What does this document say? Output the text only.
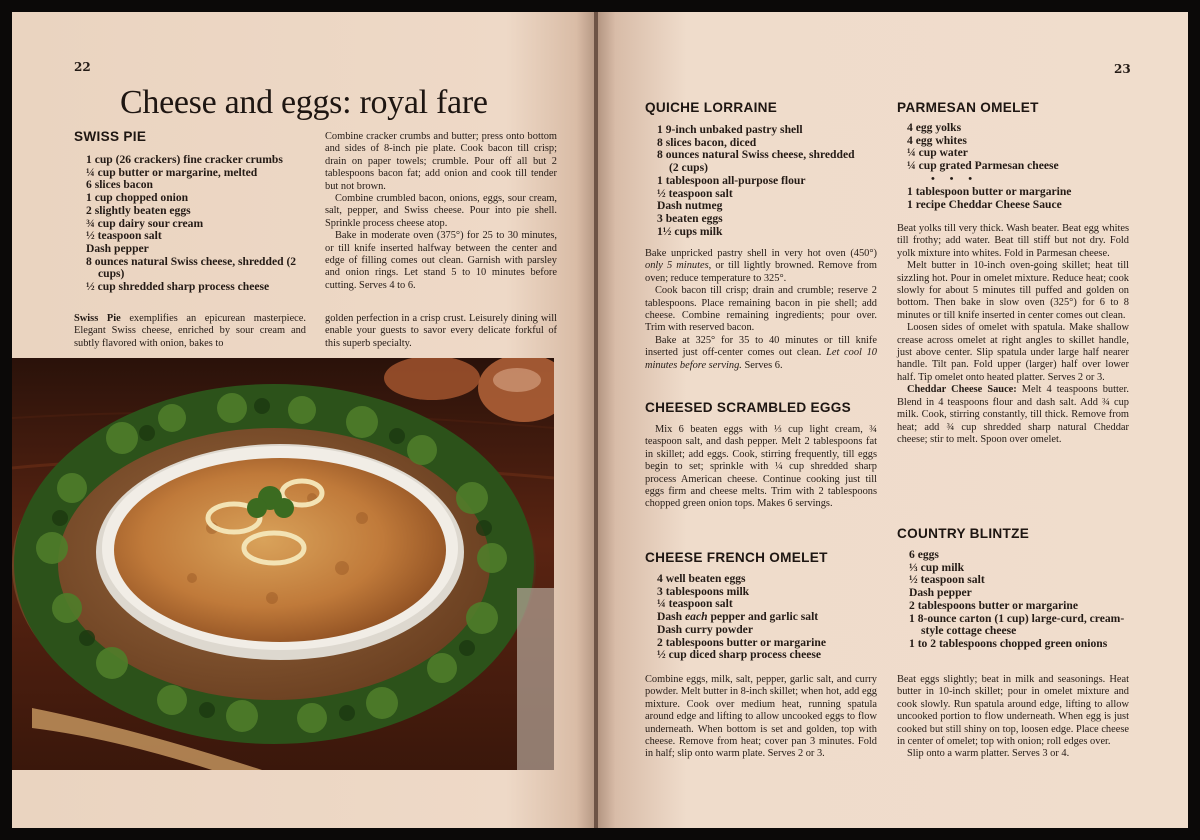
22
Cheese and eggs: royal fare
SWISS PIE
1 cup (26 crackers) fine cracker crumbs
¼ cup butter or margarine, melted
6 slices bacon
1 cup chopped onion
2 slightly beaten eggs
¾ cup dairy sour cream
½ teaspoon salt
Dash pepper
8 ounces natural Swiss cheese, shredded (2 cups)
½ cup shredded sharp process cheese

Combine cracker crumbs and butter; press onto bottom and sides of 8-inch pie plate. Cook bacon till crisp; drain on paper towels; crumble. Pour off all but 2 tablespoons bacon fat; add onion and cook till tender but not brown.

Combine crumbled bacon, onions, eggs, sour cream, salt, pepper, and Swiss cheese. Pour into pie shell. Sprinkle process cheese atop.

Bake in moderate oven (375°) for 25 to 30 minutes, or till knife inserted halfway between the center and edge of filling comes out clean. Garnish with parsley and onion rings. Let stand 5 to 10 minutes before cutting. Serves 4 to 6.

Swiss Pie exemplifies an epicurean masterpiece. Elegant Swiss cheese, enriched by sour cream and subtly flavored with onion, bakes to

golden perfection in a crisp crust. Leisurely dining will enable your guests to savor every delicate forkful of this superb specialty.

23
QUICHE LORRAINE
1 9-inch unbaked pastry shell
8 slices bacon, diced
8 ounces natural Swiss cheese, shredded (2 cups)
1 tablespoon all-purpose flour
½ teaspoon salt
Dash nutmeg
3 beaten eggs
1½ cups milk

Bake unpricked pastry shell in very hot oven (450°) only 5 minutes, or till lightly browned. Remove from oven; reduce temperature to 325°.

Cook bacon till crisp; drain and crumble; reserve 2 tablespoons. Place remaining bacon in pie shell; add cheese. Combine remaining ingredients; pour over. Trim with reserved bacon.

Bake at 325° for 35 to 40 minutes or till knife inserted just off-center comes out clean. Let cool 10 minutes before serving. Serves 6.

CHEESED SCRAMBLED EGGS

Mix 6 beaten eggs with ⅓ cup light cream, ¾ teaspoon salt, and dash pepper. Melt 2 tablespoons fat in skillet; add eggs. Cook, stirring frequently, till eggs begin to set; sprinkle with ¼ cup shredded sharp process American cheese. Continue cooking just till eggs firm and cheese melts. Trim with 2 tablespoons chopped green onion tops. Makes 6 servings.

CHEESE FRENCH OMELET
4 well beaten eggs
3 tablespoons milk
¼ teaspoon salt
Dash each pepper and garlic salt
Dash curry powder
2 tablespoons butter or margarine
½ cup diced sharp process cheese

Combine eggs, milk, salt, pepper, garlic salt, and curry powder. Melt butter in 8-inch skillet; when hot, add egg mixture. Cook over medium heat, running spatula around edge and lifting to allow uncooked eggs to flow underneath. When bottom is set and golden, top with cheese. Remove from heat; cover pan 3 minutes. Fold in half; slip onto warm plate. Serves 2 or 3.

PARMESAN OMELET
4 egg yolks
4 egg whites
¼ cup water
¼ cup grated Parmesan cheese
• • •
1 tablespoon butter or margarine
1 recipe Cheddar Cheese Sauce

Beat yolks till very thick. Wash beater. Beat egg whites till frothy; add water. Beat till stiff but not dry. Fold yolk mixture into whites. Fold in Parmesan cheese.

Melt butter in 10-inch oven-going skillet; heat till sizzling hot. Pour in omelet mixture. Reduce heat; cook slowly for about 5 minutes till puffed and golden on bottom. Then bake in slow oven (325°) for 6 to 8 minutes or till knife inserted in center comes out clean.

Loosen sides of omelet with spatula. Make shallow crease across omelet at right angles to skillet handle, just above center. Slip spatula under large half nearer handle. Tilt pan. Fold upper (larger) half over lower half. Tip omelet onto heated platter. Serves 2 or 3.

Cheddar Cheese Sauce: Melt 4 teaspoons butter. Blend in 4 teaspoons flour and dash salt. Add ¾ cup milk. Cook, stirring constantly, till thick. Remove from heat; add ¾ cup shredded sharp natural Cheddar cheese; stir to melt. Spoon over omelet.

COUNTRY BLINTZE
6 eggs
⅓ cup milk
½ teaspoon salt
Dash pepper
2 tablespoons butter or margarine
1 8-ounce carton (1 cup) large-curd, cream-style cottage cheese
1 to 2 tablespoons chopped green onions

Beat eggs slightly; beat in milk and seasonings. Heat butter in 10-inch skillet; pour in omelet mixture and cook slowly. Run spatula around edge, lifting to allow uncooked portion to flow underneath. When egg is just cooked but still shiny on top, loosen edge. Place cheese in center of omelet; top with onion; roll edges over.

Slip onto a warm platter. Serves 3 or 4.
